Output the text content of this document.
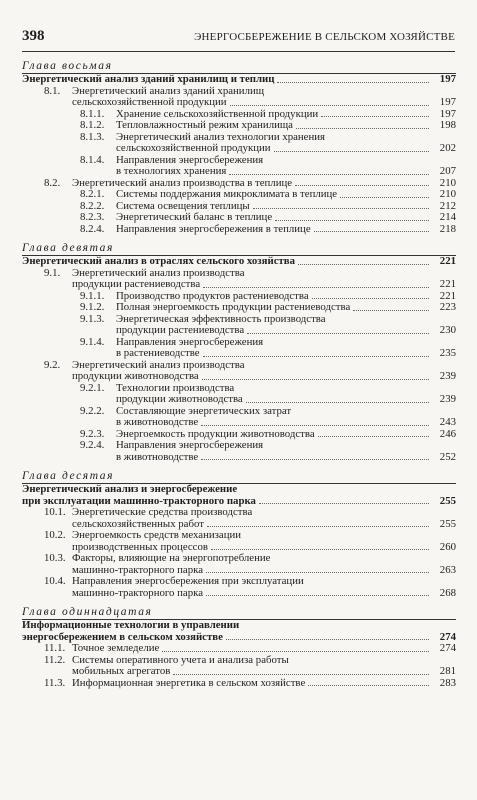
398	ЭНЕРГОСБЕРЕЖЕНИЕ В СЕЛЬСКОМ ХОЗЯЙСТВЕ
Глава восьмая
Энергетический анализ зданий хранилищ и теплиц	197
8.1. Энергетический анализ зданий хранилищ
сельскохозяйственной продукции	197
8.1.1. Хранение сельскохозяйственной продукции	197
8.1.2. Тепловлажностный режим хранилища	198
8.1.3. Энергетический анализ технологии хранения
сельскохозяйственной продукции	202
8.1.4. Направления энергосбережения
в технологиях хранения	207
8.2. Энергетический анализ производства в теплице	210
8.2.1. Системы поддержания микроклимата в теплице	210
8.2.2. Система освещения теплицы	212
8.2.3. Энергетический баланс в теплице	214
8.2.4. Направления энергосбережения в теплице	218
Глава девятая
Энергетический анализ в отраслях сельского хозяйства	221
9.1. Энергетический анализ производства
продукции растениеводства	221
9.1.1. Производство продуктов растениеводства	221
9.1.2. Полная энергоемкость продукции растениеводства	223
9.1.3. Энергетическая эффективность производства
продукции растениеводства	230
9.1.4. Направления энергосбережения
в растениеводстве	235
9.2. Энергетический анализ производства
продукции животноводства	239
9.2.1. Технологии производства
продукции животноводства	239
9.2.2. Составляющие энергетических затрат
в животноводстве	243
9.2.3. Энергоемкость продукции животноводства	246
9.2.4. Направления энергосбережения
в животноводстве	252
Глава десятая
Энергетический анализ и энергосбережение
при эксплуатации машинно-тракторного парка	255
10.1. Энергетические средства производства
сельскохозяйственных работ	255
10.2. Энергоемкость средств механизации
производственных процессов	260
10.3. Факторы, влияющие на энергопотребление
машинно-тракторного парка	263
10.4. Направления энергосбережения при эксплуатации
машинно-тракторного парка	268
Глава одиннадцатая
Информационные технологии в управлении
энергосбережением в сельском хозяйстве	274
11.1. Точное земледелие	274
11.2. Системы оперативного учета и анализа работы
мобильных агрегатов	281
11.3. Информационная энергетика в сельском хозяйстве	283
